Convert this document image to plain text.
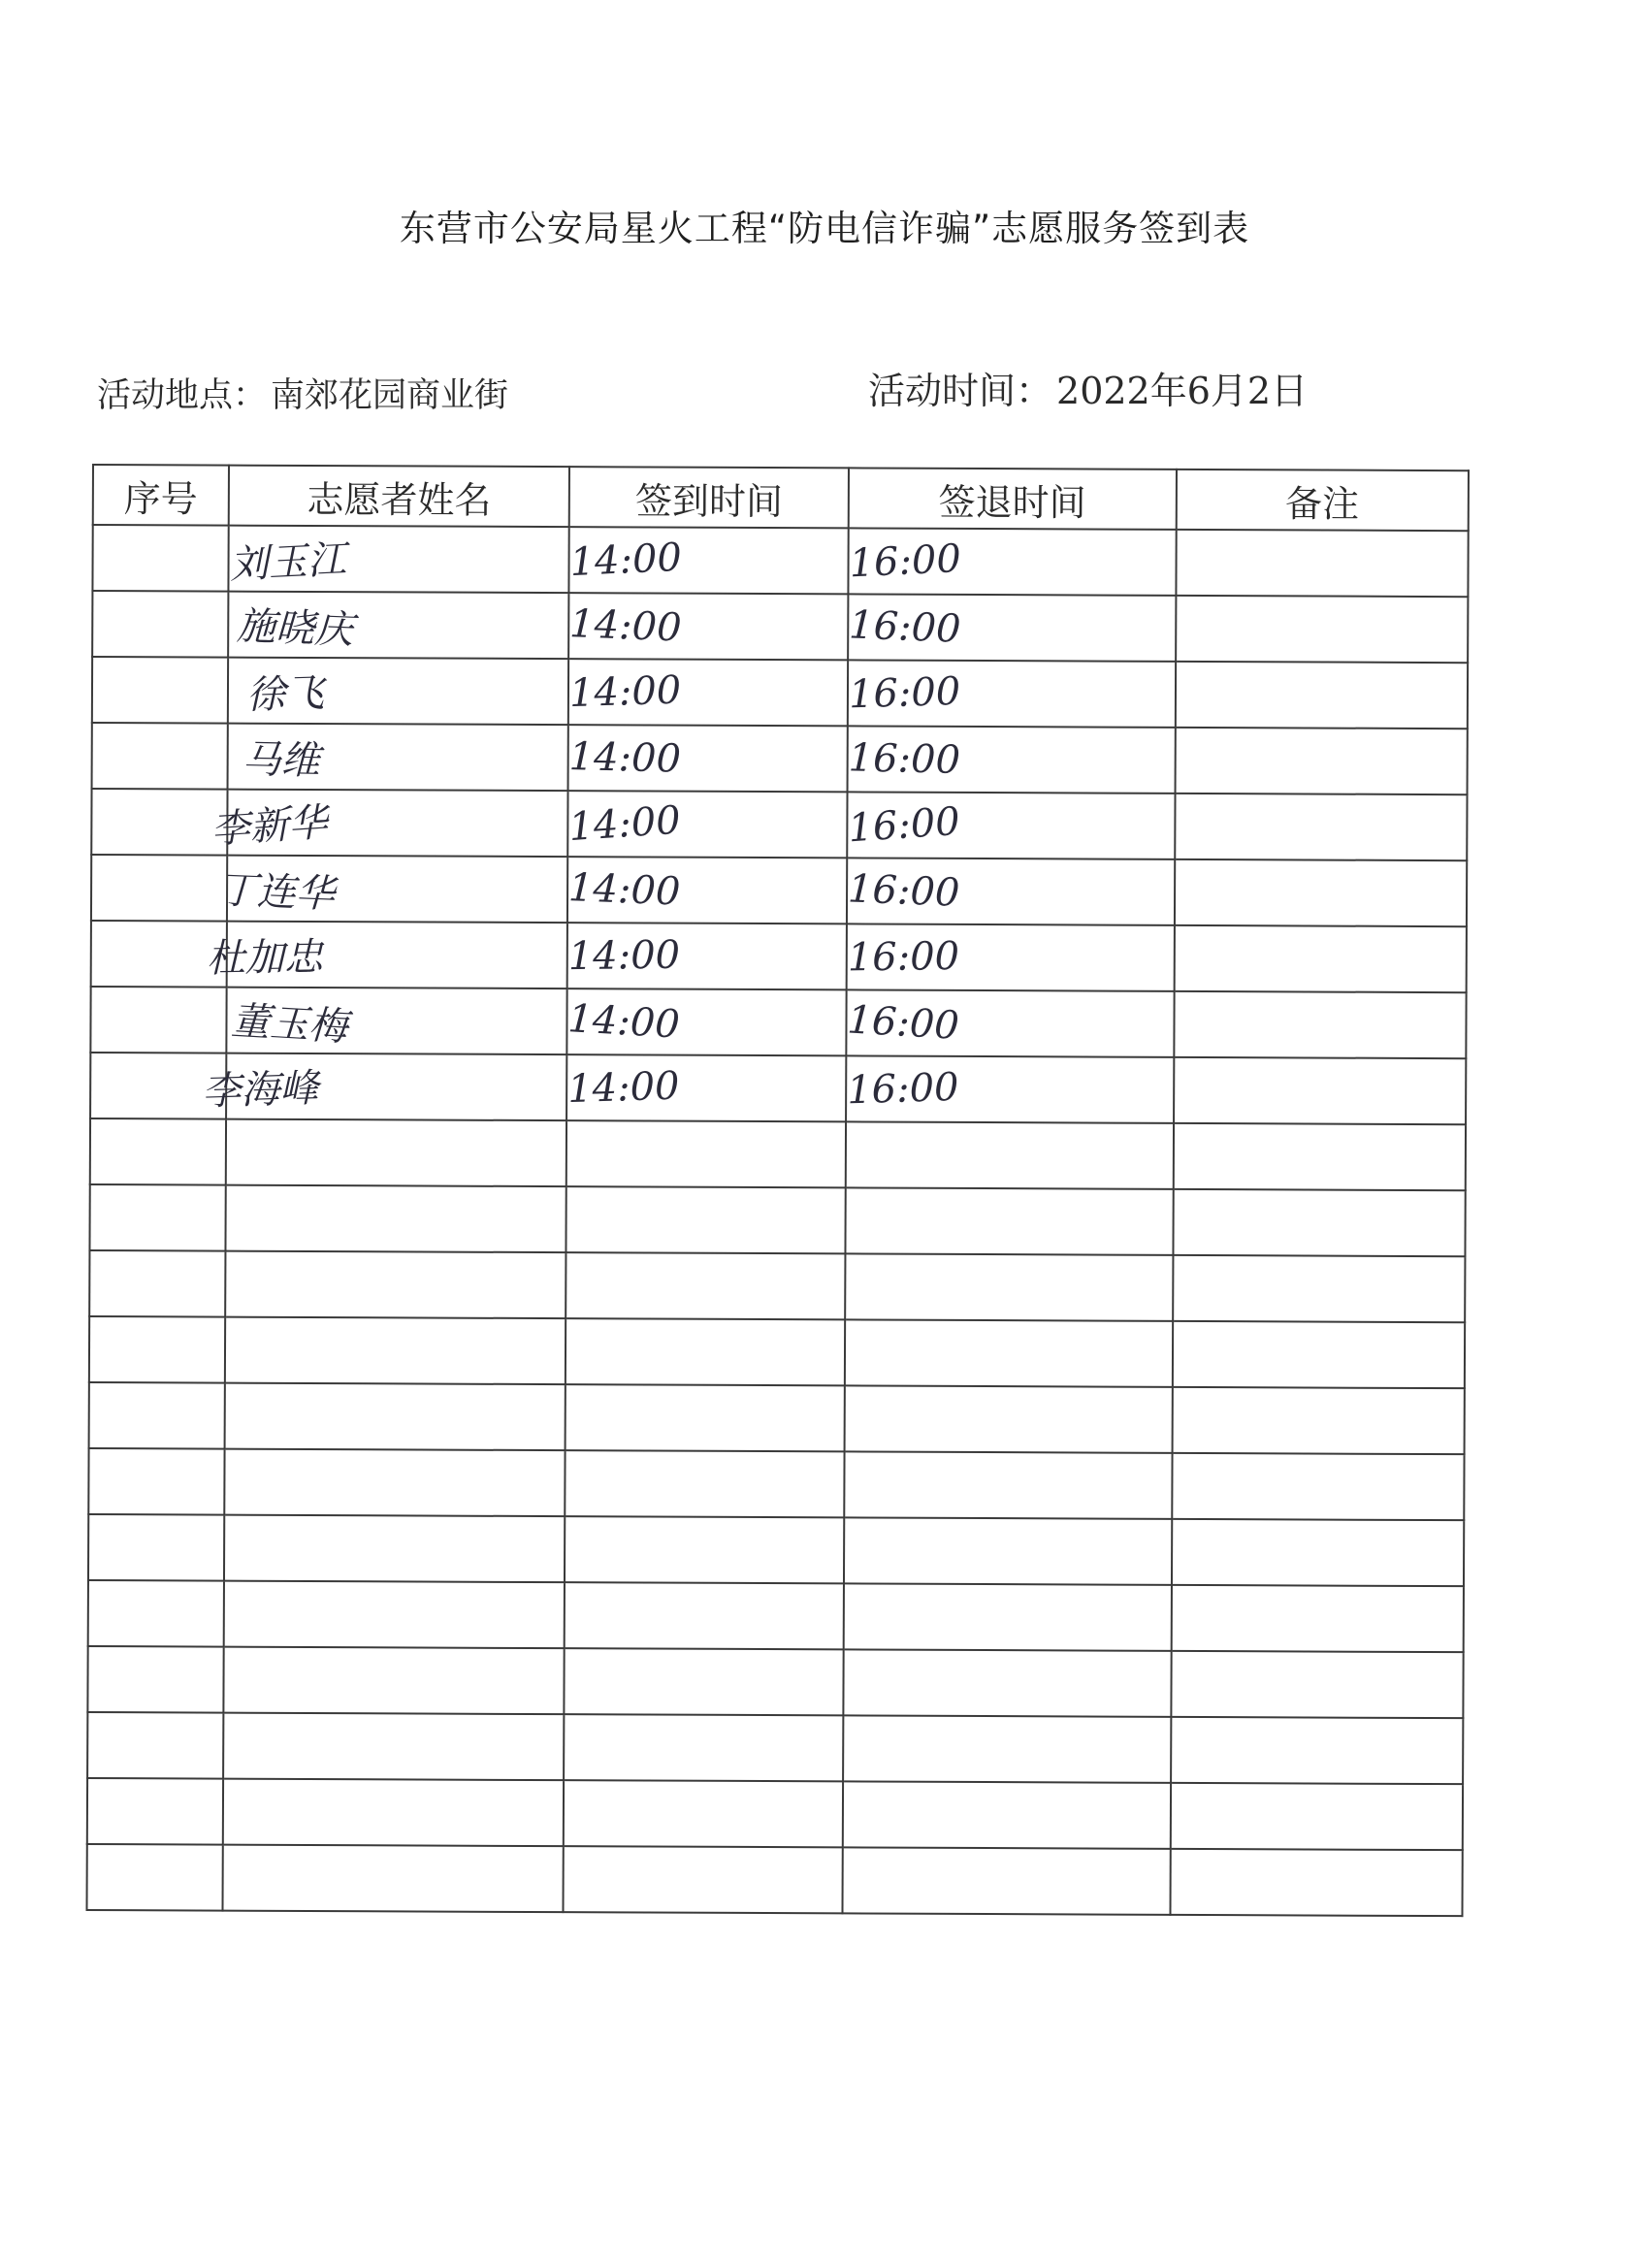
东营市公安局星火工程“防电信诈骗”志愿服务签到表
活动地点： 南郊花园商业街	活动时间： 2022年6月2日
序号	志愿者姓名	签到时间	签退时间	备注
	刘玉江	14:00	16:00	
	施晓庆	14:00	16:00	
	徐飞	14:00	16:00	
	马维	14:00	16:00	
	李新华	14:00	16:00	
	丁连华	14:00	16:00	
	杜加忠	14:00	16:00	
	董玉梅	14:00	16:00	
	李海峰	14:00	16:00	
